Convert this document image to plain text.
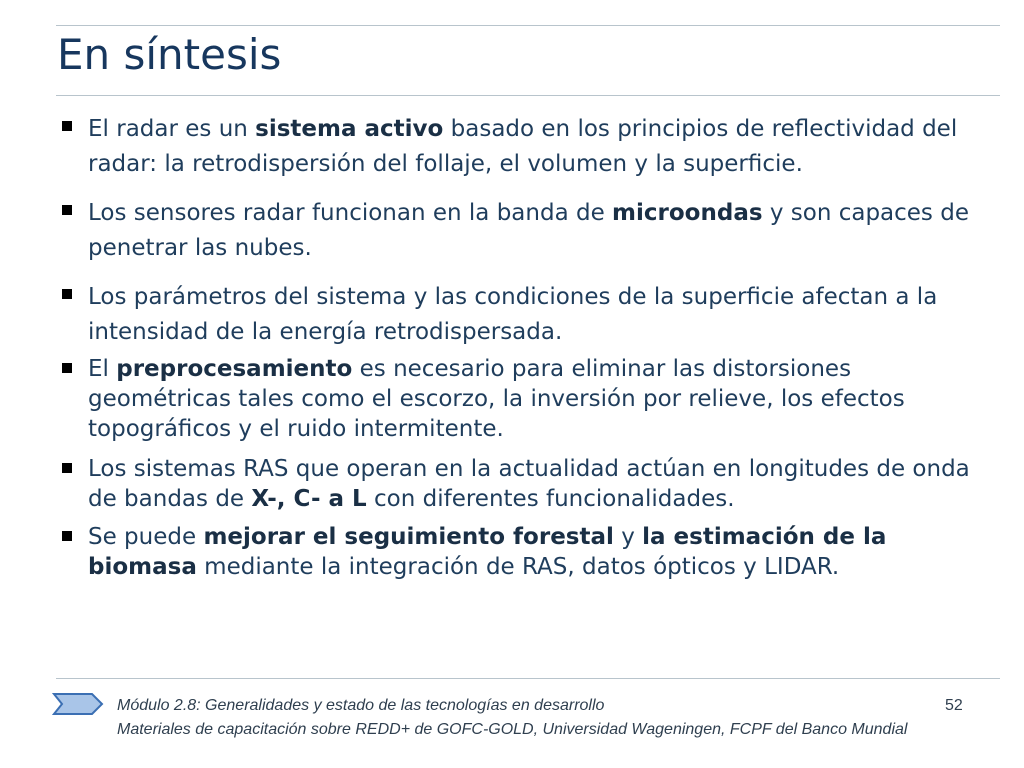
En síntesis
El radar es un sistema activo basado en los principios de reflectividad del radar: la retrodispersión del follaje, el volumen y la superficie.
Los sensores radar funcionan en la banda de microondas y son capaces de penetrar las nubes.
Los parámetros del sistema y las condiciones de la superficie afectan a la intensidad de la energía retrodispersada.
El preprocesamiento es necesario para eliminar las distorsiones geométricas tales como el escorzo, la inversión por relieve, los efectos topográficos y el ruido intermitente.
Los sistemas RAS que operan en la actualidad actúan en longitudes de onda de bandas de X-, C- a L con diferentes funcionalidades.
Se puede mejorar el seguimiento forestal y la estimación de la biomasa mediante la integración de RAS, datos ópticos y LIDAR.
Módulo 2.8: Generalidades y estado de las tecnologías en desarrollo
Materiales de capacitación sobre REDD+ de GOFC-GOLD, Universidad Wageningen, FCPF del Banco Mundial
52
